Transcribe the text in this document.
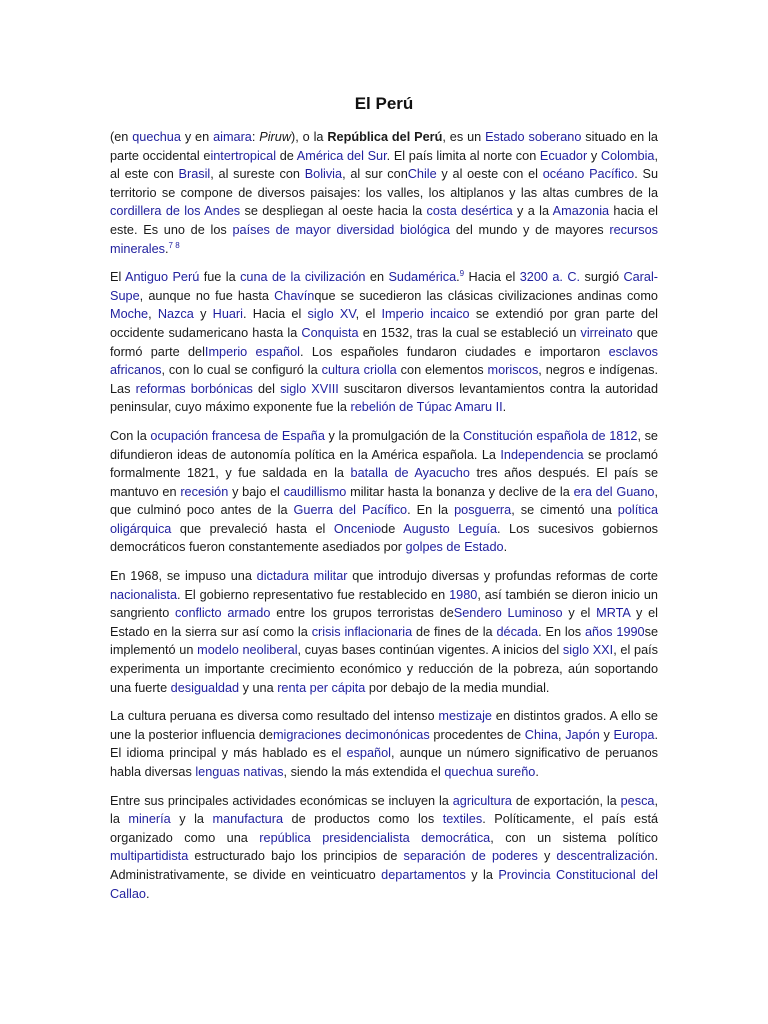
El Perú

(en quechua y en aimara: Piruw), o la República del Perú, es un Estado soberano situado en la parte occidental eintertropical de América del Sur. El país limita al norte con Ecuador y Colombia, al este con Brasil, al sureste con Bolivia, al sur conChile y al oeste con el océano Pacífico. Su territorio se compone de diversos paisajes: los valles, los altiplanos y las altas cumbres de la cordillera de los Andes se despliegan al oeste hacia la costa desértica y a la Amazonia hacia el este. Es uno de los países de mayor diversidad biológica del mundo y de mayores recursos minerales.$^{7 8}$

El Antiguo Perú fue la cuna de la civilización en Sudamérica.$^9$ Hacia el 3200 a. C. surgió Caral-Supe, aunque no fue hasta Chavínque se sucedieron las clásicas civilizaciones andinas como Moche, Nazca y Huari. Hacia el siglo XV, el Imperio incaico se extendió por gran parte del occidente sudamericano hasta la Conquista en 1532, tras la cual se estableció un virreinato que formó parte delImperio español. Los españoles fundaron ciudades e importaron esclavos africanos, con lo cual se configuró la cultura criolla con elementos moriscos, negros e indígenas. Las reformas borbónicas del siglo XVIII suscitaron diversos levantamientos contra la autoridad peninsular, cuyo máximo exponente fue la rebelión de Túpac Amaru II.

Con la ocupación francesa de España y la promulgación de la Constitución española de 1812, se difundieron ideas de autonomía política en la América española. La Independencia se proclamó formalmente 1821, y fue saldada en la batalla de Ayacucho tres años después. El país se mantuvo en recesión y bajo el caudillismo militar hasta la bonanza y declive de la era del Guano, que culminó poco antes de la Guerra del Pacífico. En la posguerra, se cimentó una política oligárquica que prevaleció hasta el Onceniode Augusto Leguía. Los sucesivos gobiernos democráticos fueron constantemente asediados por golpes de Estado.

En 1968, se impuso una dictadura militar que introdujo diversas y profundas reformas de corte nacionalista. El gobierno representativo fue restablecido en 1980, así también se dieron inicio un sangriento conflicto armado entre los grupos terroristas deSendero Luminoso y el MRTA y el Estado en la sierra sur así como la crisis inflacionaria de fines de la década. En los años 1990se implementó un modelo neoliberal, cuyas bases continúan vigentes. A inicios del siglo XXI, el país experimenta un importante crecimiento económico y reducción de la pobreza, aún soportando una fuerte desigualdad y una renta per cápita por debajo de la media mundial.

La cultura peruana es diversa como resultado del intenso mestizaje en distintos grados. A ello se une la posterior influencia demigraciones decimonónicas procedentes de China, Japón y Europa. El idioma principal y más hablado es el español, aunque un número significativo de peruanos habla diversas lenguas nativas, siendo la más extendida el quechua sureño.

Entre sus principales actividades económicas se incluyen la agricultura de exportación, la pesca, la minería y la manufactura de productos como los textiles. Políticamente, el país está organizado como una república presidencialista democrática, con un sistema político multipartidista estructurado bajo los principios de separación de poderes y descentralización. Administrativamente, se divide en veinticuatro departamentos y la Provincia Constitucional del Callao.
